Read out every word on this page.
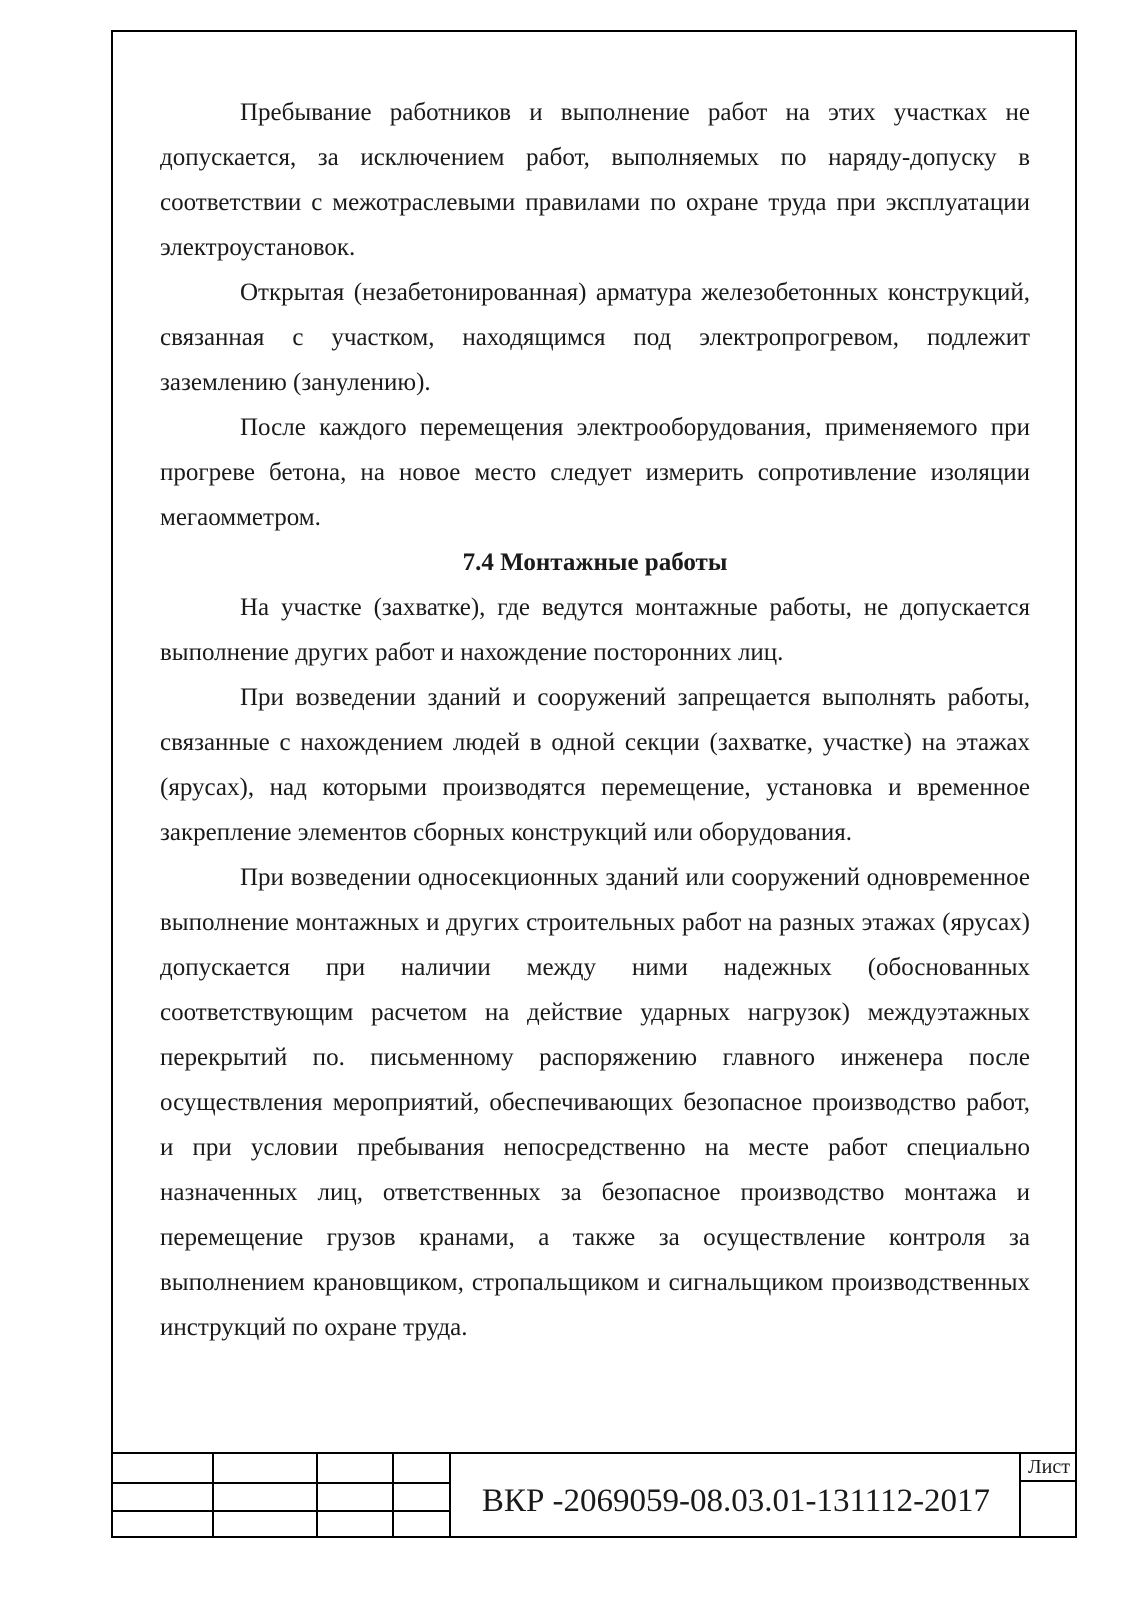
Пребывание работников и выполнение работ на этих участках не допускается, за исключением работ, выполняемых по наряду-допуску в соответствии с межотраслевыми правилами по охране труда при эксплуатации электроустановок.

Открытая (незабетонированная) арматура железобетонных конструкций, связанная с участком, находящимся под электропрогревом, подлежит заземлению (занулению).

После каждого перемещения электрооборудования, применяемого при прогреве бетона, на новое место следует измерить сопротивление изоляции мегаомметром.

7.4 Монтажные работы

На участке (захватке), где ведутся монтажные работы, не допускается выполнение других работ и нахождение посторонних лиц.

При возведении зданий и сооружений запрещается выполнять работы, связанные с нахождением людей в одной секции (захватке, участке) на этажах (ярусах), над которыми производятся перемещение, установка и временное закрепление элементов сборных конструкций или оборудования.

При возведении односекционных зданий или сооружений одновременное выполнение монтажных и других строительных работ на разных этажах (ярусах) допускается при наличии между ними надежных (обоснованных соответствующим расчетом на действие ударных нагрузок) междуэтажных перекрытий по. письменному распоряжению главного инженера после осуществления мероприятий, обеспечивающих безопасное производство работ, и при условии пребывания непосредственно на месте работ специально назначенных лиц, ответственных за безопасное производство монтажа и перемещение грузов кранами, а также за осуществление контроля за выполнением крановщиком, стропальщиком и сигнальщиком производственных инструкций по охране труда.

ВКР -2069059-08.03.01-131112-2017
Лист
